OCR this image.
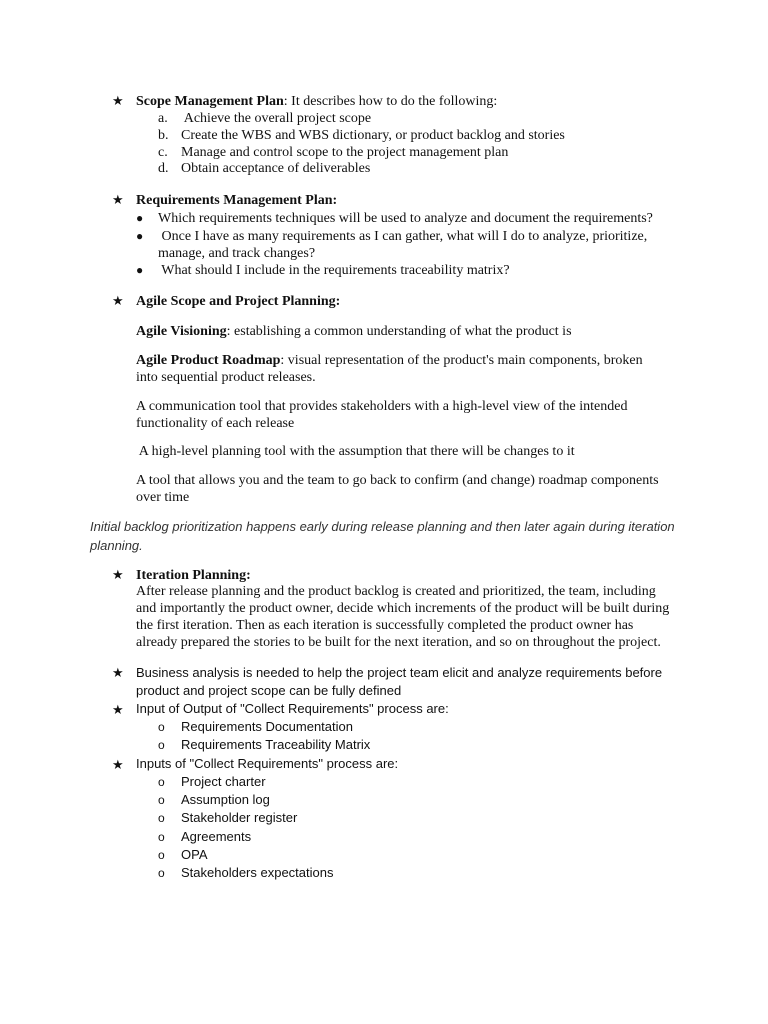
★ Scope Management Plan: It describes how to do the following:
a. Achieve the overall project scope
b. Create the WBS and WBS dictionary, or product backlog and stories
c. Manage and control scope to the project management plan
d. Obtain acceptance of deliverables
★ Requirements Management Plan:
● Which requirements techniques will be used to analyze and document the requirements?
● Once I have as many requirements as I can gather, what will I do to analyze, prioritize, manage, and track changes?
● What should I include in the requirements traceability matrix?
★ Agile Scope and Project Planning:
Agile Visioning: establishing a common understanding of what the product is
Agile Product Roadmap: visual representation of the product's main components, broken into sequential product releases.
A communication tool that provides stakeholders with a high-level view of the intended functionality of each release
A high-level planning tool with the assumption that there will be changes to it
A tool that allows you and the team to go back to confirm (and change) roadmap components over time
Initial backlog prioritization happens early during release planning and then later again during iteration planning.
★ Iteration Planning:
After release planning and the product backlog is created and prioritized, the team, including and importantly the product owner, decide which increments of the product will be built during the first iteration. Then as each iteration is successfully completed the product owner has already prepared the stories to be built for the next iteration, and so on throughout the project.
★ Business analysis is needed to help the project team elicit and analyze requirements before product and project scope can be fully defined
★ Input of Output of "Collect Requirements" process are:
o Requirements Documentation
o Requirements Traceability Matrix
★ Inputs of "Collect Requirements" process are:
o Project charter
o Assumption log
o Stakeholder register
o Agreements
o OPA
o Stakeholders expectations
